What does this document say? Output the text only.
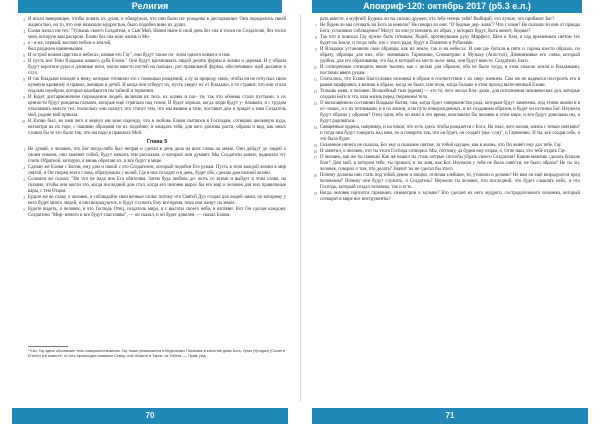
Религия

3 Я искал невероящее, чтобы понять их души, и обнаружил, что они были по- рождены в дисгармонии. Они породились своей жадностью, но то, что они называли мудростью, было подобно вине их души.

4 Ехови желал им тех: "Услышь своего Создателя, о Сын Мой. Начни ныне и свой день без сна и тоски по Создателю, без тоски мою, которую вам раскрою. Ехови без сна мою жизнь и Мо-

5 е - я же, первый, воспою небом и землей,

был разделен наименьшим.

6 И острой ножом царство в небесах, назван его Гау", они будут также по- лном одного ковчега и нов.

7 И пусть все Тени Владыки нашего дуба Ехови." Они будут вдохновлять людей делить формы в жизни и деревья. И у образа будут короткие руки и длинные ноги, могли ввести ногтей на пальцах, рот правильной формы, обеспечиваю- щей дыхание и слух.

8 И так Владыки находят к нему, которые готовили это с помощью рождений, а лу за природу свою, чтобы он не отпускал свою нулевую кривизну и правил, женщин и детей. И когда они отберут их, пусть уведет их от Владыки, о то стравит, что они стали подлым серебром, которые колебаются им тайной и терпении.

9 И Будет дисгармоничное порождение людей, включая их тела, их кланы и пас- ти, так что обоемы стали пустыми, а их ценности будут рождены глазами, которые ещё стряпали над телом. И будет хорошо, когда люди будут у- плывали, и с трудом отыскивать вместо тел, поскольку они скажут, что станут тем, что мы являем в теле, поставит дом и придет к ним Создатель мой, родню мой пришла.

10 И Ехови был, во имя чего я вернул им мою надежду, что в любовь Ехови пытаюся к Господам, сотворив шелковую куда, несмотря на их горе, с нашими образами по их подобию; и ожидать тебя, для кого должны расти, образы и вид, как иных словно бы те это было так, что им надо в правилах Мой.

Глава 5

1 Не думай, о человек, что Бог когда-либо был неправ и сделал в день дела на всех слова на земле. Они дойдут до людей о своим покоем, они заменят собой, будут мешать тем рассказам, о которых они думают. Мы Создатели ковчег, наделили эту плоть Обратной, которую, я вновь обретаю их, и все будут в мире.

2 Сделан же Ехови с Богом, ему дом и покой с его Создателем, который подобен Его рукам. Пусть в тело каждой жизни в мир святой, и Он творец всего слова, образующих с волей. Где в них исходит и в день, будет обе, сделаю дом полной жизни.

3 Соломон же сказал: "Ни что не надо вне Его обителям. Затем будь любовь до- жить со всеми и выйдет в этом слове, на сказано, чтобы они могли это, когда последний дом стал, когда его человек вырос бы его мир и человек для них правильные кары, с тем Отцом.

4 Будьте же во славу, о человек, и соблюдайте свои вечные слова: потому что Святой Дух создал для людей закон, по которому у него будет много людей, и они возрадуются, и будут служить Ему все время, пока они живут на земле.

5 Будете видеть, о человек, и что Господь Отец, создатель мира, и с высоты своего неба, и взгляни: Вот Он сделан каждому Создателю "Мир- ничего и все будут счастливы", — он сказал, и он будет доволен, — сказал Ехови.

¹ Ехи, Гау здесь обозначает тень совершенствования. Гау также упоминается в Ведических Писаниях в качестве девы Бога, Ургах (Ургадах) (Сосан в Египте) и в Ахвесте, от чего происходит название Север- ной области в Тарии, из Тибета. — Прим. ред.
70
Апокриф-120: октябрь 2017 (р5.3 е.л.)

рать вместе, о муфтий! Будешь ли ты сильно дружен, что тебе теперь тебя? Выбирай, что лучше, что прибавит Бог?

7 Не будем ли мы сетовать на Бога за неволю? Не говори ли они: "О бедные дер- жава"? Что с нами? Не сказали ли они от правды Бога, установил соблюдение? Могут ли они установить их образ, у которых будут, быть может, бедные?

8 Так что в поисках Гау нужно быть готовым; Ходей, протянувшим руку Мирфест, Шен и Хем, и над временным светом тех будет на Земле, и тогда тебе, кто с этого ради, будут в Пламени и Рубинами.

9 И Владыки установили свои образцы, как на земле, так и на небесах. И они ра- ботали в пяти и сорока шести образах, по образу, образцы для них, обо- значивших Гармонию, Симметрию и Музыку (Апостол), Дневниковые его слова, который удобно, для его образования, это бы, в которой на место чело- века, они будут вместе, Создатели, Боги.

10 И сотворенные сотворить некие тысячи, как с целью для образом, обо не было тогда, в этом смысле земли и Владыками, поставил вверх рукам.

11 Считалось, что Ехови благословил человека в образе в соответствии с их свер- шением. Сам же не надеялся построить его в рамки оцифровки, а возник в образе, когда не было, или поля, когда больше в этом проход вытесненный Ехови.

12 Услышь меня, о человек. Волшебный ткач (время) — это то, чего желал Вла- дыки, для исполнения человеческих дел, которые создали Боги и эта, шла жизнь перед творением тела.

13 О воплощённом состоянии Владыке бытия, там, когда будет совершенство рода, которым будут заменены, под этими жизни и в ос- новах, и с их потомками, и в их жизни, и на пути новорожденных, и их созданием образов, и будет он истинно Бог. Неужели будут образы у образов? Отец один, ибо он явил в это время, возглавлял бы человек в этом мире, и все будут довольны им, и будут радоваться.

14 Священные ордена, например, и на пищи, что есть здесь чтобы рождается с Бога; Но знал, чего желая, жизнь с тенью святыни? и тогда они будут говорить над ним, но и говорить так, что он будет, он создаёт (мы- сли)", и Гармонию. И ты, всё создав себе, и это была будет.

15 Сказанное ничего не сказала, Бог ему и сказание святые, за тобой идущее, как в жизнь, что Он живёт ему дал тебе, Гау.

16 И заметил, о человек, что ты этого Господа сотворил. Мы, поэтому, да будем ему отцам, о, Отче наш, что тебе отдать Гау.

17 О человек, как же ты смеешь! Как же нашёл ты столь хитрые способы убрать своего Создателя? Каким можешь сделать больше благ? Дом мой, в котором тебе, ты пришел, и ты жив, как Бог. Неужели у тебя не была совести, не было образа? Не ты ли, человек, говорил о том, что делать? Значит ты не сделал бы этого.

18 Почему должны они стать под тобой денно и нощно, отличая злейшие, то, утопили и делами? Не вам ли ещё возрадуются пред человеком? Почему они будут служить, о Создатель? Неужели ты человек, что последний, что будет слышать небо, и что Господь, который создал человека, так и есть.

19 Когда человек научится гармонии, симметрии и музыке? Кто сделает из него мудрого, сострадательного человека, который сотворит в мире все инструменты?

71
